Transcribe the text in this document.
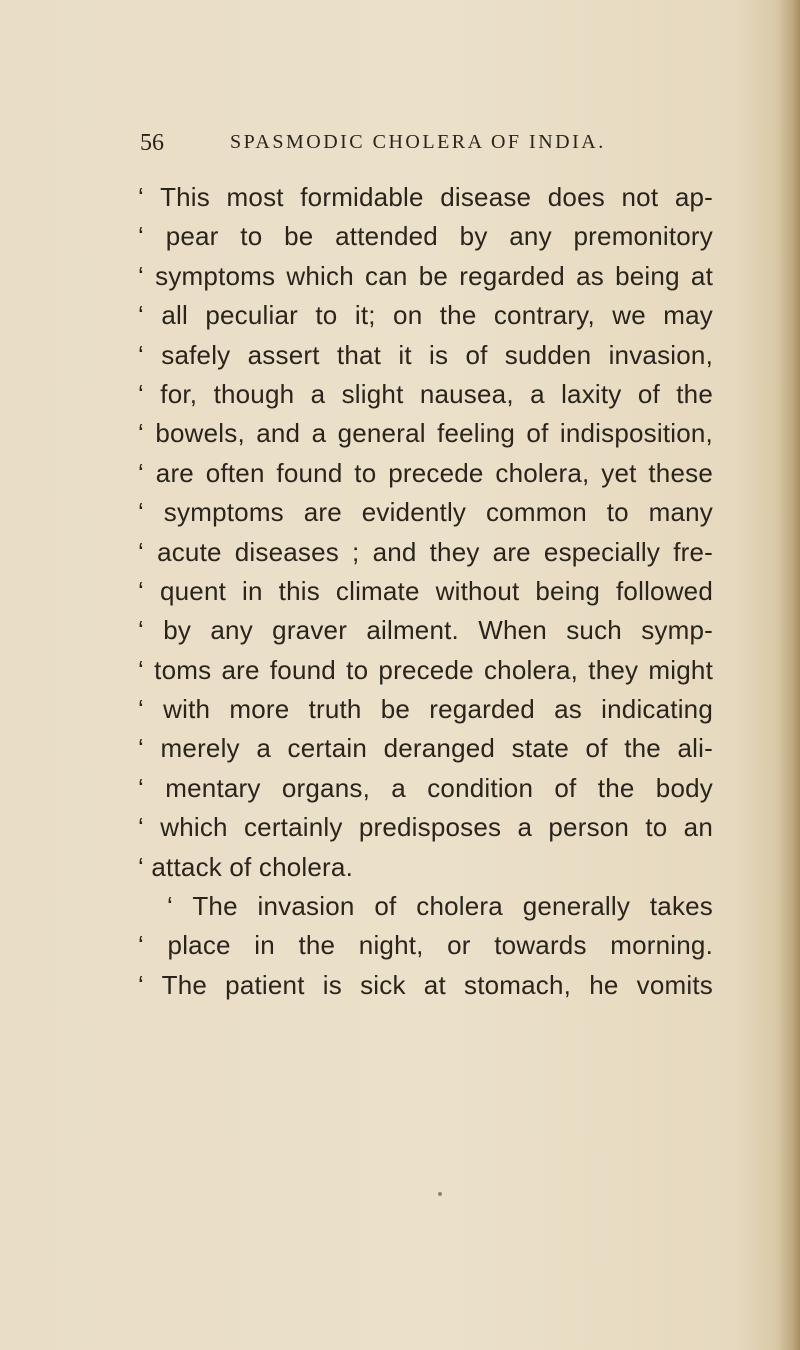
56	SPASMODIC CHOLERA OF INDIA.
‘ This most formidable disease does not ap-
‘ pear to be attended by any premonitory
‘ symptoms which can be regarded as being at
‘ all peculiar to it; on the contrary, we may
‘ safely assert that it is of sudden invasion,
‘ for, though a slight nausea, a laxity of the
‘ bowels, and a general feeling of indisposition,
‘ are often found to precede cholera, yet these
‘ symptoms are evidently common to many
‘ acute diseases ; and they are especially fre-
‘ quent in this climate without being followed
‘ by any graver ailment. When such symp-
‘ toms are found to precede cholera, they might
‘ with more truth be regarded as indicating
‘ merely a certain deranged state of the ali-
‘ mentary organs, a condition of the body
‘ which certainly predisposes a person to an
‘ attack of cholera.
‘ The invasion of cholera generally takes
‘ place in the night, or towards morning.
‘ The patient is sick at stomach, he vomits
